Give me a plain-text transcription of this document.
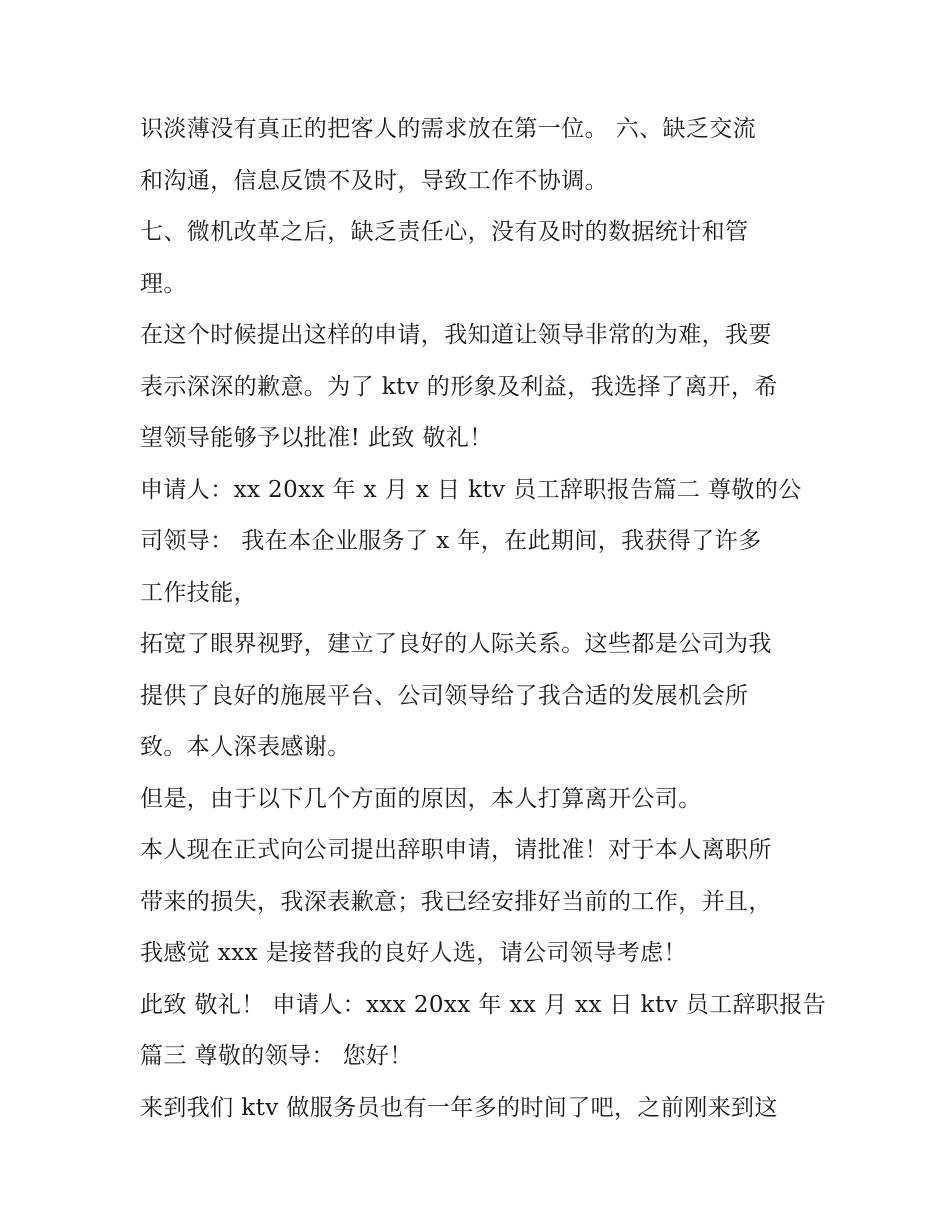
识淡薄没有真正的把客人的需求放在第一位。 六、缺乏交流
和沟通，信息反馈不及时，导致工作不协调。
七、微机改革之后，缺乏责任心，没有及时的数据统计和管
理。
在这个时候提出这样的申请，我知道让领导非常的为难，我要
表示深深的歉意。为了 ktv 的形象及利益，我选择了离开，希
望领导能够予以批准! 此致 敬礼！
申请人：xx 20xx 年 x 月 x 日 ktv 员工辞职报告篇二 尊敬的公
司领导： 我在本企业服务了 x 年，在此期间，我获得了许多
工作技能，
拓宽了眼界视野，建立了良好的人际关系。这些都是公司为我
提供了良好的施展平台、公司领导给了我合适的发展机会所
致。本人深表感谢。
但是，由于以下几个方面的原因，本人打算离开公司。
本人现在正式向公司提出辞职申请，请批准！对于本人离职所
带来的损失，我深表歉意；我已经安排好当前的工作，并且，
我感觉 xxx 是接替我的良好人选，请公司领导考虑！
此致 敬礼！ 申请人：xxx 20xx 年 xx 月 xx 日 ktv 员工辞职报告
篇三 尊敬的领导： 您好！
来到我们 ktv 做服务员也有一年多的时间了吧，之前刚来到这
